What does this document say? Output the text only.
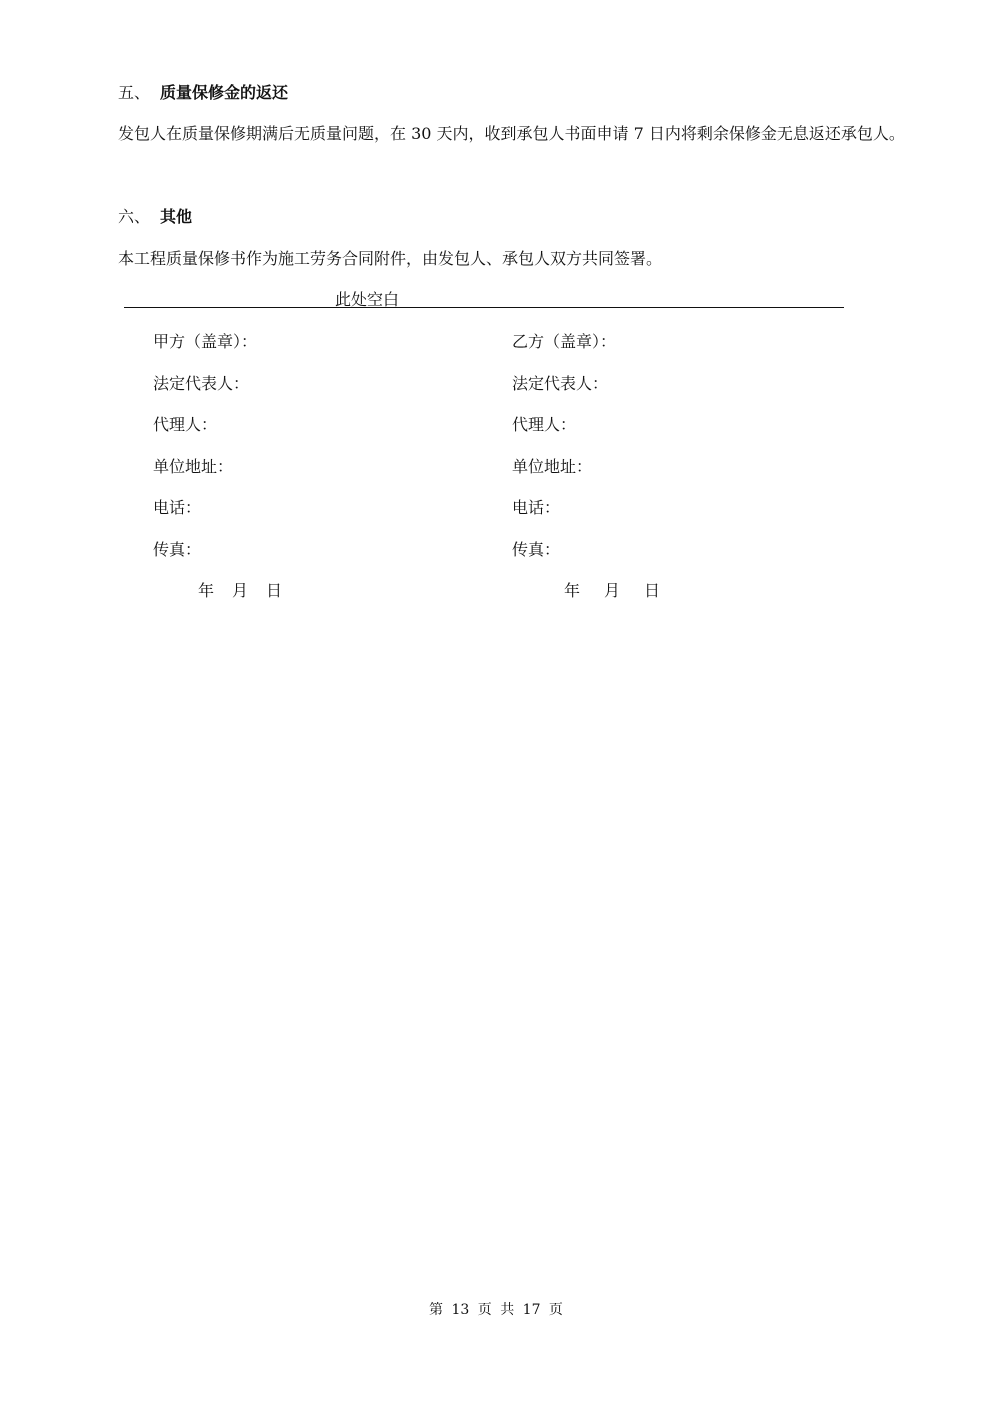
五、 质量保修金的返还
发包人在质量保修期满后无质量问题，在 30 天内，收到承包人书面申请 7 日内将剩余保修金无息返还承包人。
六、 其他
本工程质量保修书作为施工劳务合同附件，由发包人、承包人双方共同签署。
此处空白
甲方（盖章）：
法定代表人：
代理人：
单位地址：
电话：
传真：
年 月 日
乙方（盖章）：
法定代表人：
代理人：
单位地址：
电话：
传真：
年 月 日
第 13 页 共 17 页
